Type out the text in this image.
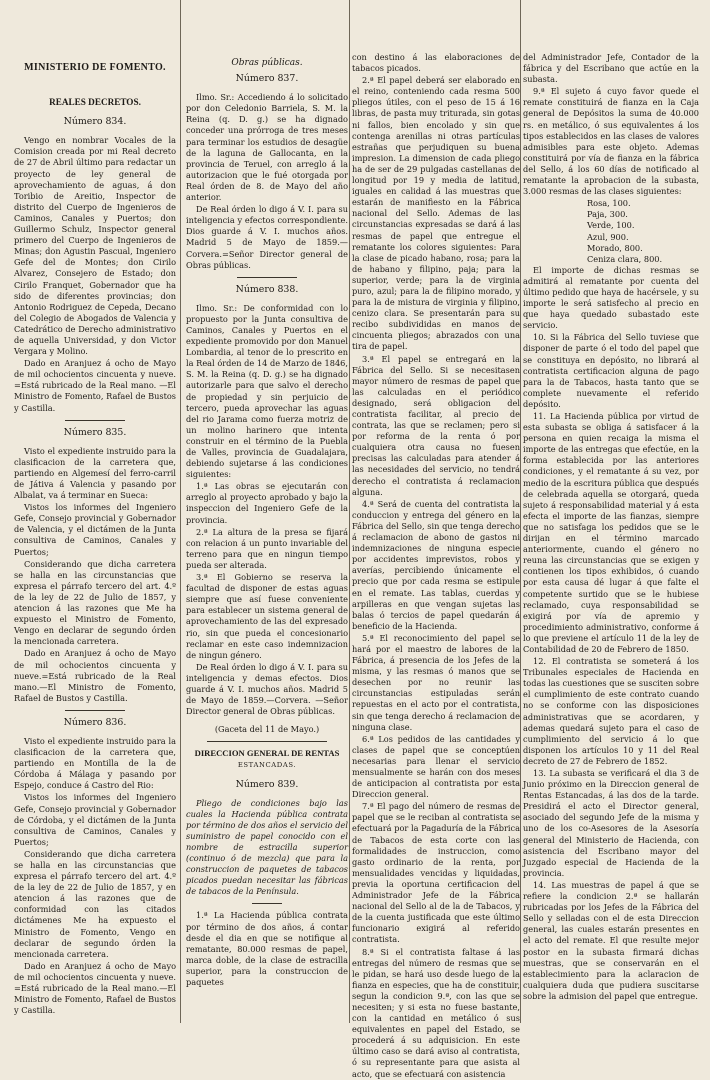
MINISTERIO DE FOMENTO.

REALES DECRETOS.

Número 834.

Vengo en nombrar Vocales de la Comision creada por mi Real decreto de 27 de Abril último para redactar un proyecto de ley general de aprovechamiento de aguas, á don Toribio de Areitio, Inspector de distrito del Cuerpo de Ingenieros de Caminos, Canales y Puertos; don Guillermo Schulz, Inspector general primero del Cuerpo de Ingenieros de Minas; don Agustin Pascual, Ingeniero Gefe del de Montes; don Cirilo Alvarez, Consejero de Estado; don Cirilo Franquet, Gobernador que ha sido de diferentes provincias; don Antonio Rodriguez de Cepeda, Decano del Colegio de Abogados de Valencia y Catedrático de Derecho administrativo de aquella Universidad, y don Victor Vergara y Molino.

Dado en Aranjuez á ocho de Mayo de mil ochocientos cincuenta y nueve. =Está rubricado de la Real mano. —El Ministro de Fomento, Rafael de Bustos y Castilla.

Número 835.

Visto el expediente instruido para la clasificacion de la carretera que, partiendo en Algemesí del ferro-carril de Játiva á Valencia y pasando por Albalat, va á terminar en Sueca:

Vistos los informes del Ingeniero Gefe, Consejo provincial y Gobernador de Valencia, y el dictámen de la Junta consultiva de Caminos, Canales y Puertos;

Considerando que dicha carretera se halla en las circunstancias que expresa el párrafo tercero del art. 4.º de la ley de 22 de Julio de 1857, y atencion á las razones que Me ha expuesto el Ministro de Fomento, Vengo en declarar de segundo órden la mencionada carretera.

Dado en Aranjuez á ocho de Mayo de mil ochocientos cincuenta y nueve.=Está rubricado de la Real mano.—El Ministro de Fomento, Rafael de Bustos y Castilla.

Número 836.

Visto el expediente instruido para la clasificacion de la carretera que, partiendo en Montilla de la de Córdoba á Málaga y pasando por Espejo, conduce á Castro del Rio:

Vistos los informes del Ingeniero Gefe, Consejo provincial y Gobernador de Córdoba, y el dictámen de la Junta consultiva de Caminos, Canales y Puertos;

Considerando que dicha carretera se halla en las circunstancias que expresa el párrafo tercero del art. 4.º de la ley de 22 de Julio de 1857, y en atencion á las razones que de conformidad con las citados dictámenes Me ha expuesto el Ministro de Fomento, Vengo en declarar de segundo órden la mencionada carretera.

Dado en Aranjuez á ocho de Mayo de mil ochocientos cincuenta y nueve. =Está rubricado de la Real mano.—El Ministro de Fomento, Rafael de Bustos y Castilla.

Obras públicas.

Número 837.

Ilmo. Sr.: Accediendo á lo solicitado por don Celedonio Barriela, S. M. la Reina (q. D. g.) se ha dignado conceder una prórroga de tres meses para terminar los estudios de desagüe de la laguna de Gallocanta, en la provincia de Teruel, con arreglo á la autorizacion que le fué otorgada por Real órden de 8. de Mayo del año anterior.

De Real órden lo digo á V. I. para su inteligencia y efectos correspondiente. Dios guarde á V. I. muchos años. Madrid 5 de Mayo de 1859.—Corvera.=Señor Director general de Obras públicas.

Número 838.

Ilmo. Sr.: De conformidad con lo propuesto por la Junta consultiva de Caminos, Canales y Puertos en el expediente promovido por don Manuel Lombardia, al tenor de lo prescrito en la Real órden de 14 de Marzo de 1846, S. M. la Reina (q. D. g.) se ha dignado autorizarle para que salvo el derecho de propiedad y sin perjuicio de tercero, pueda aprovechar las aguas del rio Jarama como fuerza motriz de un molino harinero que intenta construir en el término de la Puebla de Valles, provincia de Guadalajara, debiendo sujetarse á las condiciones siguientes:

1.ª Las obras se ejecutarán con arreglo al proyecto aprobado y bajo la inspeccion del Ingeniero Gefe de la provincia.

2.ª La altura de la presa se fijará con relacion á un punto invariable del terreno para que en ningun tiempo pueda ser alterada.

3.ª El Gobierno se reserva la facultad de disponer de estas aguas siempre que así fuese conveniente para establecer un sistema general de aprovechamiento de las del expresado rio, sin que pueda el concesionario reclamar en este caso indemnizacion de ningun género.

De Real órden lo digo á V. I. para su inteligencia y demas efectos. Dios guarde á V. I. muchos años. Madrid 5 de Mayo de 1859.—Corvera. —Señor Director general de Obras públicas.

(Gaceta del 11 de Mayo.)

DIRECCION GENERAL DE RENTAS

ESTANCADAS.

Número 839.

Pliego de condiciones bajo las cuales la Hacienda pública contrata por término de dos años el servicio del suministro de papel conocido con el nombre de estracilla superior (continuo ó de mezcla) que para la construccion de paquetes de tabacos picados puedan necesitar las fábricas de tabacos de la Península.

1.ª La Hacienda pública contrata por término de dos años, á contar desde el dia en que se notifique al rematante, 80.000 resmas de papel, marca doble, de la clase de estracilla superior, para la construccion de paquetes

con destino á las elaboraciones de tabacos picados.

2.ª El papel deberá ser elaborado en el reino, conteniendo cada resma 500 pliegos útiles, con el peso de 15 á 16 libras, de pasta muy triturada, sin gotas ni fallos, bien encolado y sin que contenga arenillas ni otras partículas estrañas que perjudiquen su buena impresion. La dimension de cada pliego ha de ser de 29 pulgadas castellanas de longitud por 19 y media de latitud, iguales en calidad á las muestras que estarán de manifiesto en la Fábrica nacional del Sello. Ademas de las circunstancias expresadas se dará á las resmas de papel que entregue el rematante los colores siguientes: Para la clase de picado habano, rosa; para la de habano y filipino, paja; para la superior, verde; para la de virginia puro, azul; para la de filipino morado, y para la de mistura de virginia y filipino, cenizo clara. Se presentarán para su recibo subdivididas en manos de cincuenta pliegos; abrazados con una tira de papel.

3.ª El papel se entregará en la Fábrica del Sello. Si se necesitasen mayor número de resmas de papel que las calculadas en el periódico designado, será obligacion del contratista facilitar, al precio de contrata, las que se reclamen; pero si por reforma de la renta ó por cualquiera otra causa no fuesen precisas las calculadas para atender á las necesidades del servicio, no tendrá derecho el contratista á reclamacion alguna.

4.ª Será de cuenta del contratista la conduccion y entrega del género en la Fábrica del Sello, sin que tenga derecho á reclamacion de abono de gastos ni indemnizaciones de ninguna especie por accidentes imprevistos, robos y averías, percibiendo únicamente el precio que por cada resma se estipule en el remate. Las tablas, cuerdas y arpilleras en que vengan sujetas las balas ó tercios de papel quedarán á beneficio de la Hacienda.

5.ª El reconocimiento del papel se hará por el maestro de labores de la Fábrica, á presencia de los Jefes de la misma, y las resmas ó manos que se desechen por no reunir las circunstancias estipuladas serán repuestas en el acto por el contratista, sin que tenga derecho á reclamacion de ninguna clase.

6.ª Los pedidos de las cantidades y clases de papel que se conceptúen necesarias para llenar el servicio mensualmente se harán con dos meses de anticipacion al contratista por esta Direccion general.

7.ª El pago del número de resmas de papel que se le reciban al contratista se efectuará por la Pagaduría de la Fábrica de Tabacos de esta corte con las formalidades de instruccion, como gasto ordinario de la renta, por mensualidades vencidas y liquidadas, previa la oportuna certificacion del Administrador Jefe de la Fábrica nacional del Sello al de la de Tabacos, y de la cuenta justificada que este último funcionario exigirá al referido contratista.

8.ª Si el contratista faltase á las entregas del número de resmas que se le pidan, se hará uso desde luego de la fianza en especies, que ha de constituir, segun la condicion 9.ª, con las que se necesiten; y si esta no fuese bastante, con la cantidad en metálico ó sus equivalentes en papel del Estado, se procederá á su adquisicion. En este último caso se dará aviso al contratista, ó su representante para que asista al acto, que se efectuará con asistencia

del Administrador Jefe, Contador de la fábrica y del Escribano que actúe en la subasta.

9.ª El sujeto á cuyo favor quede el remate constituirá de fianza en la Caja general de Depósitos la suma de 40.000 rs. en metálico, ó sus equivalentes á los tipos establecidos en las clases de valores admisibles para este objeto. Ademas constituirá por vía de fianza en la fábrica del Sello, á los 60 días de notificado al rematante la aprobacion de la subasta, 3.000 resmas de las clases siguientes:

Rosa, 100.

Paja, 300.

Verde, 100.

Azul, 900.

Morado, 800.

Ceniza clara, 800.

El importe de dichas resmas se admitirá al rematante por cuenta del último pedido que haya de hacérsele, y su importe le será satisfecho al precio en que haya quedado subastado este servicio.

10. Si la Fábrica del Sello tuviese que disponer de parte ó el todo del papel que se constituya en depósito, no librará al contratista certificacion alguna de pago para la de Tabacos, hasta tanto que se complete nuevamente el referido depósito.

11. La Hacienda pública por virtud de esta subasta se obliga á satisfacer á la persona en quien recaiga la misma el importe de las entregas que efectúe, en la forma establecida por las anteriores condiciones, y el rematante á su vez, por medio de la escritura pública que después de celebrada aquella se otorgará, queda sujeto á responsabilidad material y á esta efecta el importe de las fianzas, siempre que no satisfaga los pedidos que se le dirijan en el término marcado anteriormente, cuando el género no reuna las circunstancias que se exigen y contienen los tipos exhibidos, ó cuando por esta causa dé lugar á que falte el competente surtido que se le hubiese reclamado, cuya responsabilidad se exigirá por vía de apremio y procedimiento administrativo, conforme á lo que previene el artículo 11 de la ley de Contabilidad de 20 de Febrero de 1850.

12. El contratista se someterá á los Tribunales especiales de Hacienda en todas las cuestiones que se susciten sobre el cumplimiento de este contrato cuando no se conforme con las disposiciones administrativas que se acordaren, y ademas quedará sujeto para el caso de cumplimiento del servicio á lo que disponen los artículos 10 y 11 del Real decreto de 27 de Febrero de 1852.

13. La subasta se verificará el dia 3 de Junio próximo en la Direccion general de Rentas Estancadas, á las dos de la tarde. Presidirá el acto el Director general, asociado del segundo Jefe de la misma y uno de los co-Asesores de la Asesoría general del Ministerio de Hacienda, con asistencia del Escribano mayor del Juzgado especial de Hacienda de la provincia.

14. Las muestras de papel á que se refiere la condicion 2.ª se hallarán rubricadas por los Jefes de la Fábrica del Sello y selladas con el de esta Direccion general, las cuales estarán presentes en el acto del remate. El que resulte mejor postor en la subasta firmará dichas muestras, que se conservarán en el establecimiento para la aclaracion de cualquiera duda que pudiera suscitarse sobre la admision del papel que entregue.
